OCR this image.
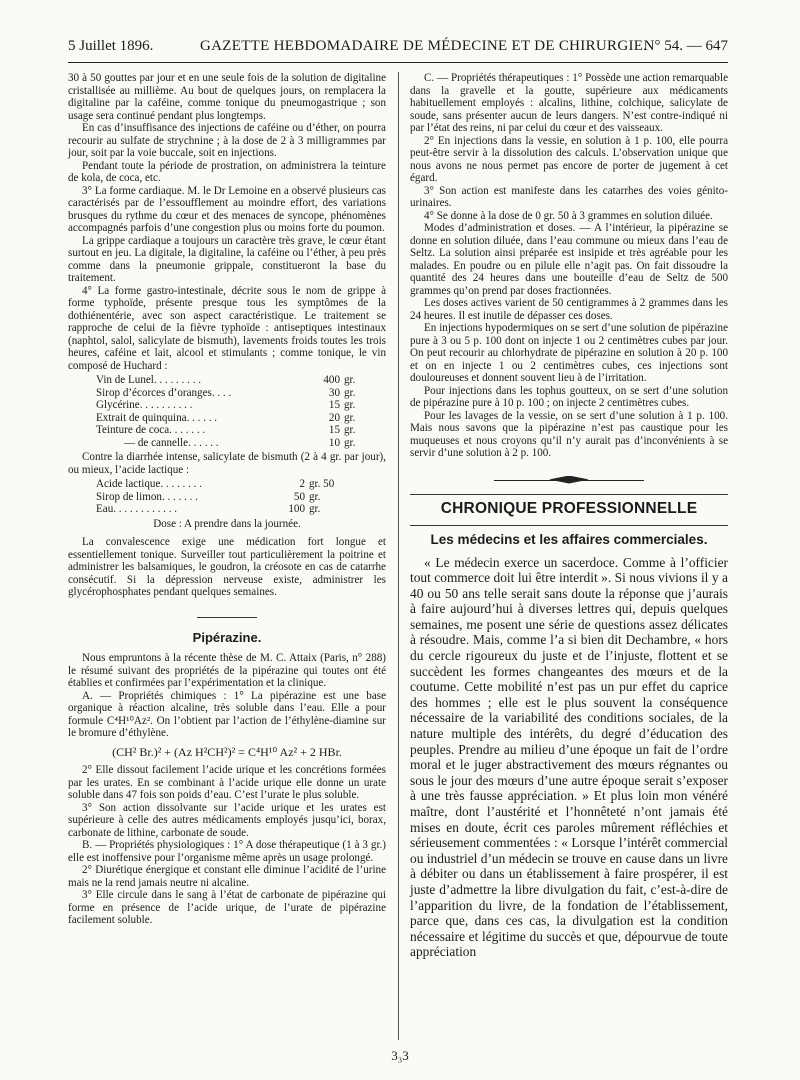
5 Juillet 1896.	GAZETTE HEBDOMADAIRE DE MÉDECINE ET DE CHIRURGIE.
N° 54. — 647

30 à 50 gouttes par jour et en une seule fois de la solution de digitaline cristallisée au millième. Au bout de quelques jours, on remplacera la digitaline par la caféine, comme tonique du pneumogastrique ; son usage sera continué pendant plus longtemps.

En cas d’insuffisance des injections de caféine ou d’éther, on pourra recourir au sulfate de strychnine ; à la dose de 2 à 3 milligrammes par jour, soit par la voie buccale, soit en injections.

Pendant toute la période de prostration, on administrera la teinture de kola, de coca, etc.

3° La forme cardiaque. M. le Dr Lemoine en a observé plusieurs cas caractérisés par de l’essoufflement au moindre effort, des variations brusques du rythme du cœur et des menaces de syncope, phénomènes accompagnés parfois d’une congestion plus ou moins forte du poumon.

La grippe cardiaque a toujours un caractère très grave, le cœur étant surtout en jeu. La digitale, la digitaline, la caféine ou l’éther, à peu près comme dans la pneumonie grippale, constitueront la base du traitement.

4° La forme gastro-intestinale, décrite sous le nom de grippe à forme typhoïde, présente presque tous les symptômes de la dothiénentérie, avec son aspect caractéristique. Le traitement se rapproche de celui de la fièvre typhoïde : antiseptiques intestinaux (naphtol, salol, salicylate de bismuth), lavements froids toutes les trois heures, caféine et lait, alcool et stimulants ; comme tonique, le vin composé de Huchard :

Vin de Lunel. . . . . . . . .	400 gr.
Sirop d’écorces d’oranges. . . .	30 gr.
Glycérine. . . . . . . . . .	15 gr.
Extrait de quinquina. . . . . .	20 gr.
Teinture de coca. . . . . . .	15 gr.
— de cannelle. . . . . .	10 gr.

Contre la diarrhée intense, salicylate de bismuth (2 à 4 gr. par jour), ou mieux, l’acide lactique :

Acide lactique. . . . . . . .	2 gr. 50
Sirop de limon. . . . . . .	50 gr.
Eau. . . . . . . . . . . .	100 gr.
Dose : A prendre dans la journée.

La convalescence exige une médication fort longue et essentiellement tonique. Surveiller tout particulièrement la poitrine et administrer les balsamiques, le goudron, la créosote en cas de catarrhe consécutif. Si la dépression nerveuse existe, administrer les glycérophosphates pendant quelques semaines.

Pipérazine.

Nous empruntons à la récente thèse de M. C. Attaix (Paris, n° 288) le résumé suivant des propriétés de la pipérazine qui toutes ont été établies et confirmées par l’expérimentation et la clinique.

A. — Propriétés chimiques : 1° La pipérazine est une base organique à réaction alcaline, très soluble dans l’eau. Elle a pour formule C⁴H¹⁰Az². On l’obtient par l’action de l’éthylène-diamine sur le bromure d’éthylène.

(CH² Br.)² + (Az H²CH²)² = C⁴H¹⁰ Az² + 2 HBr.

2° Elle dissout facilement l’acide urique et les concrétions formées par les urates. En se combinant à l’acide urique elle donne un urate soluble dans 47 fois son poids d’eau. C’est l’urate le plus soluble.

3° Son action dissolvante sur l’acide urique et les urates est supérieure à celle des autres médicaments employés jusqu’ici, borax, carbonate de lithine, carbonate de soude.

B. — Propriétés physiologiques : 1° A dose thérapeutique (1 à 3 gr.) elle est inoffensive pour l’organisme même après un usage prolongé.

2° Diurétique énergique et constant elle diminue l’acidité de l’urine mais ne la rend jamais neutre ni alcaline.

3° Elle circule dans le sang à l’état de carbonate de pipérazine qui forme en présence de l’acide urique, de l’urate de pipérazine facilement soluble.

C. — Propriétés thérapeutiques : 1° Possède une action remarquable dans la gravelle et la goutte, supérieure aux médicaments habituellement employés : alcalins, lithine, colchique, salicylate de soude, sans présenter aucun de leurs dangers. N’est contre-indiqué ni par l’état des reins, ni par celui du cœur et des vaisseaux.

2° En injections dans la vessie, en solution à 1 p. 100, elle pourra peut-être servir à la dissolution des calculs. L’observation unique que nous avons ne nous permet pas encore de porter de jugement à cet égard.

3° Son action est manifeste dans les catarrhes des voies génito-urinaires.

4° Se donne à la dose de 0 gr. 50 à 3 grammes en solution diluée.

Modes d’administration et doses. — A l’intérieur, la pipérazine se donne en solution diluée, dans l’eau commune ou mieux dans l’eau de Seltz. La solution ainsi préparée est insipide et très agréable pour les malades. En poudre ou en pilule elle n’agit pas. On fait dissoudre la quantité des 24 heures dans une bouteille d’eau de Seltz de 500 grammes qu’on prend par doses fractionnées.

Les doses actives varient de 50 centigrammes à 2 grammes dans les 24 heures. Il est inutile de dépasser ces doses.

En injections hypodermiques on se sert d’une solution de pipérazine pure à 3 ou 5 p. 100 dont on injecte 1 ou 2 centimètres cubes par jour. On peut recourir au chlorhydrate de pipérazine en solution à 20 p. 100 et on en injecte 1 ou 2 centimètres cubes, ces injections sont douloureuses et donnent souvent lieu à de l’irritation.

Pour injections dans les tophus goutteux, on se sert d’une solution de pipérazine pure à 10 p. 100 ; on injecte 2 centimètres cubes.

Pour les lavages de la vessie, on se sert d’une solution à 1 p. 100. Mais nous savons que la pipérazine n’est pas caustique pour les muqueuses et nous croyons qu’il n’y aurait pas d’inconvénients à se servir d’une solution à 2 p. 100.

CHRONIQUE PROFESSIONNELLE
Les médecins et les affaires commerciales.

« Le médecin exerce un sacerdoce. Comme à l’officier tout commerce doit lui être interdit ». Si nous vivions il y a 40 ou 50 ans telle serait sans doute la réponse que j’aurais à faire aujourd’hui à diverses lettres qui, depuis quelques semaines, me posent une série de questions assez délicates à résoudre. Mais, comme l’a si bien dit Dechambre, « hors du cercle rigoureux du juste et de l’injuste, flottent et se succèdent les formes changeantes des mœurs et de la coutume. Cette mobilité n’est pas un pur effet du caprice des hommes ; elle est le plus souvent la conséquence nécessaire de la variabilité des conditions sociales, de la nature multiple des intérêts, du degré d’éducation des peuples. Prendre au milieu d’une époque un fait de l’ordre moral et le juger abstractivement des mœurs régnantes ou sous le jour des mœurs d’une autre époque serait s’exposer à une très fausse appréciation. » Et plus loin mon vénéré maître, dont l’austérité et l’honnêteté n’ont jamais été mises en doute, écrit ces paroles mûrement réfléchies et sérieusement commentées : « Lorsque l’intérêt commercial ou industriel d’un médecin se trouve en cause dans un livre à débiter ou dans un établissement à faire prospérer, il est juste d’admettre la libre divulgation du fait, c’est-à-dire de l’apparition du livre, de la fondation de l’établissement, parce que, dans ces cas, la divulgation est la condition nécessaire et légitime du succès et que, dépourvue de toute appréciation

3₃3
